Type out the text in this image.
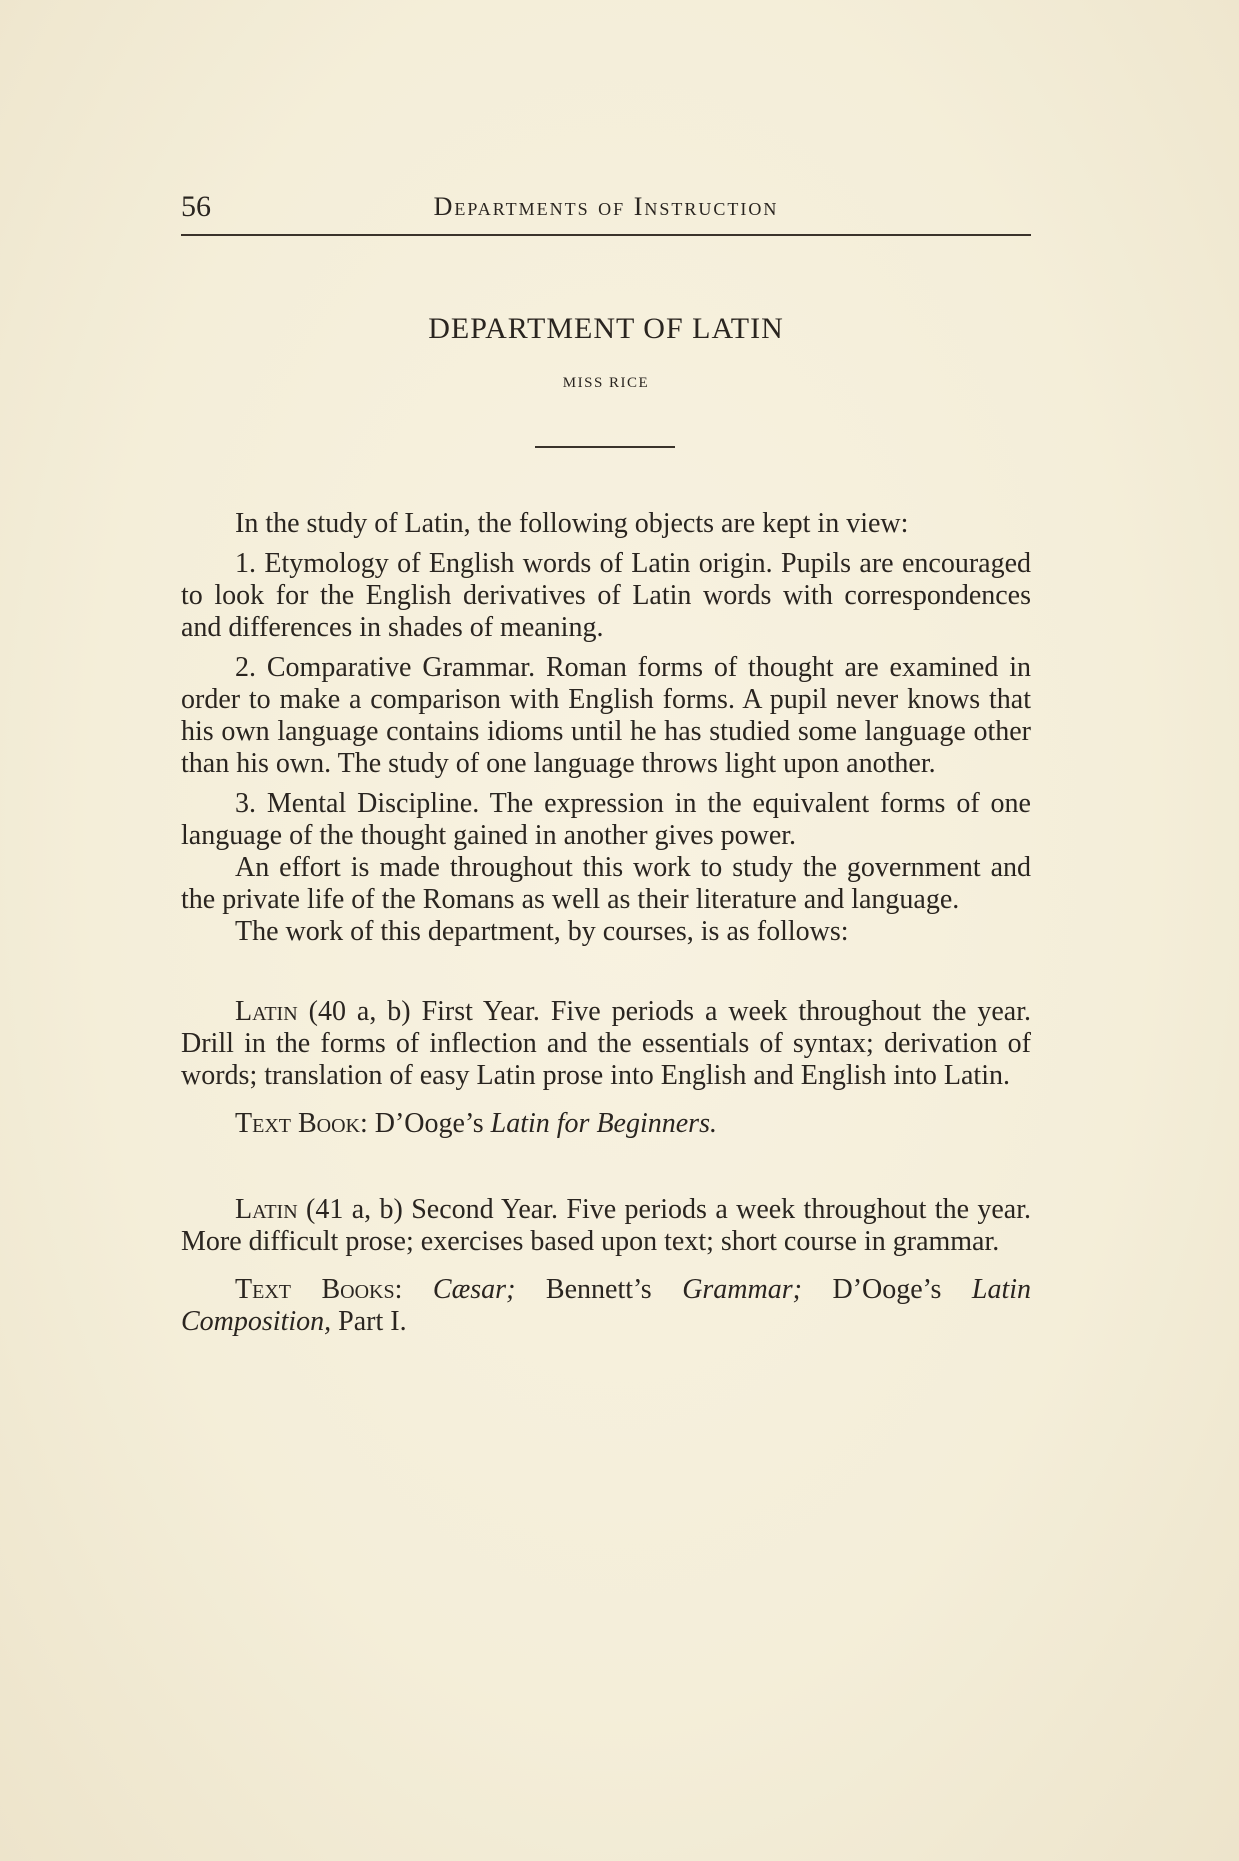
56	Departments of Instruction
DEPARTMENT OF LATIN
MISS RICE

In the study of Latin, the following objects are kept in view:

1. Etymology of English words of Latin origin. Pupils are encouraged to look for the English derivatives of Latin words with correspondences and differences in shades of meaning.

2. Comparative Grammar. Roman forms of thought are examined in order to make a comparison with English forms. A pupil never knows that his own language contains idioms until he has studied some language other than his own. The study of one language throws light upon another.

3. Mental Discipline. The expression in the equivalent forms of one language of the thought gained in another gives power.

An effort is made throughout this work to study the government and the private life of the Romans as well as their literature and language.

The work of this department, by courses, is as follows:

Latin (40 a, b) First Year. Five periods a week throughout the year. Drill in the forms of inflection and the essentials of syntax; derivation of words; translation of easy Latin prose into English and English into Latin.

Text Book: D’Ooge’s Latin for Beginners.

Latin (41 a, b) Second Year. Five periods a week throughout the year. More difficult prose; exercises based upon text; short course in grammar.

Text Books: Cæsar; Bennett’s Grammar; D’Ooge’s Latin Composition, Part I.
